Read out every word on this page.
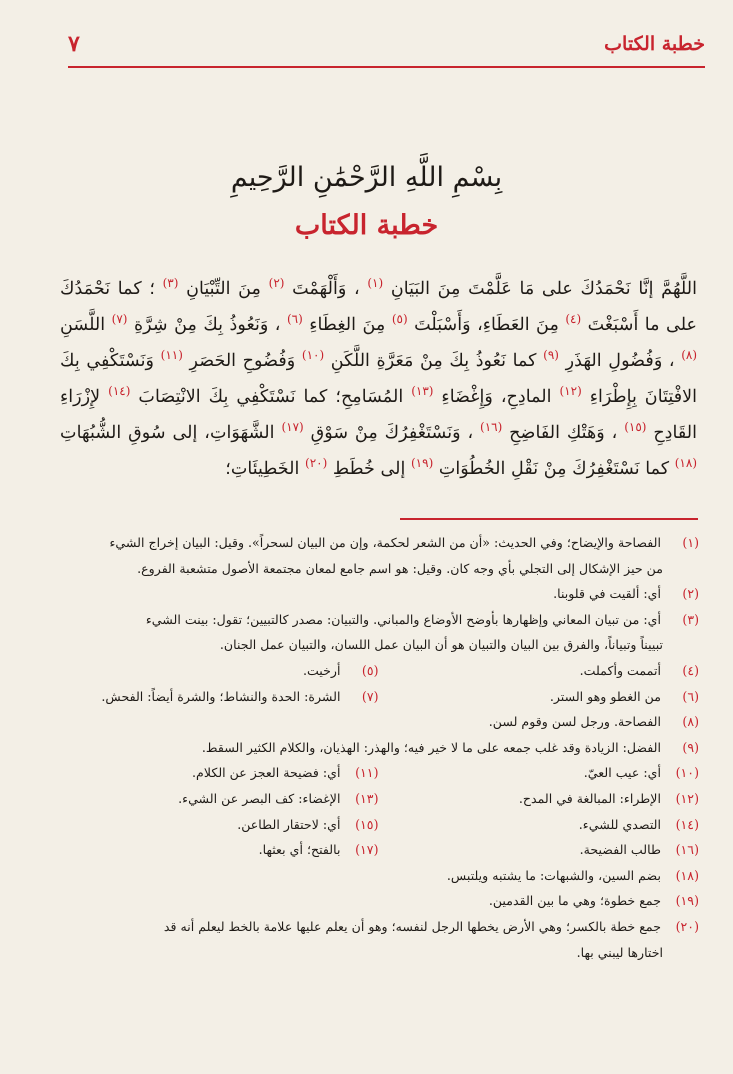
خطبة الكتاب
٧
بِسْمِ اللَّهِ الرَّحْمَٰنِ الرَّحِيمِ
خطبة الكتاب
اللَّهُمَّ إنَّا نَحْمَدُكَ على مَا عَلَّمْتَ مِنَ البَيَانِ $^{(١)}$ ، وَأَلْهَمْتَ $^{(٢)}$ مِنَ التِّبْيَانِ $^{(٣)}$ ؛ كما نَحْمَدُكَ على ما أَسْبَغْتَ $^{(٤)}$ مِنَ العَطَاءِ، وَأَسْبَلْتَ $^{(٥)}$ مِنَ الغِطَاءِ $^{(٦)}$ ، وَنَعُوذُ بِكَ مِنْ شِرَّةِ $^{(٧)}$ اللَّسَنِ $^{(٨)}$ ، وَفُضُولِ الهَذَرِ $^{(٩)}$ كما نَعُوذُ بِكَ مِنْ مَعَرَّةِ اللَّكَنِ $^{(١٠)}$ وَفُضُوحِ الحَصَرِ $^{(١١)}$ وَنَسْتَكْفِي بِكَ الافْتِتَانَ بِإِطْرَاءِ $^{(١٢)}$ المادِحِ، وَإِغْضَاءِ $^{(١٣)}$ المُسَامِحِ؛ كما نَسْتَكْفِي بِكَ الانْتِصَابَ $^{(١٤)}$ لإِزْرَاءِ القَادِحِ $^{(١٥)}$ ، وَهَتْكِ الفَاضِحِ $^{(١٦)}$ ، وَنَسْتَغْفِرُكَ مِنْ سَوْقِ $^{(١٧)}$ الشَّهَوَاتِ، إلى سُوقِ الشُّبُهَاتِ $^{(١٨)}$ كما نَسْتَغْفِرُكَ مِنْ نَقْلِ الخُطُوَاتِ $^{(١٩)}$ إلى خُطَطِ $^{(٢٠)}$ الخَطِيئَاتِ؛
(١) الفصاحة والإيضاح؛ وفي الحديث: «أن من الشعر لحكمة، وإن من البيان لسحراً». وقيل: البيان إخراج الشيء
من حيز الإشكال إلى التجلي بأي وجه كان. وقيل: هو اسم جامع لمعان مجتمعة الأصول متشعبة الفروع.
(٢) أي: ألقيت في قلوبنا.
(٣) أي: من تبيان المعاني وإظهارها بأوضح الأوضاع والمباني. والتبيان: مصدر كالتبيين؛ تقول: بينت الشيء
تبييناً وتبياناً، والفرق بين البيان والتبيان هو أن البيان عمل اللسان، والتبيان عمل الجنان.
(٤) أتممت وأكملت.
(٥) أرخيت.
(٦) من الغطو وهو الستر.
(٧) الشرة: الحدة والنشاط؛ والشرة أيضاً: الفحش.
(٨) الفصاحة. ورجل لسن وقوم لسن.
(٩) الفضل: الزيادة وقد غلب جمعه على ما لا خير فيه؛ والهذر: الهذيان، والكلام الكثير السقط.
(١٠) أي: عيب العيّ.
(١١) أي: فضيحة العجز عن الكلام.
(١٢) الإطراء: المبالغة في المدح.
(١٣) الإغضاء: كف البصر عن الشيء.
(١٤) التصدي للشيء.
(١٥) أي: لاحتقار الطاعن.
(١٦) طالب الفضيحة.
(١٧) بالفتح؛ أي بعثها.
(١٨) بضم السين، والشبهات: ما يشتبه ويلتبس.
(١٩) جمع خطوة؛ وهي ما بين القدمين.
(٢٠) جمع خطة بالكسر؛ وهي الأرض يخطها الرجل لنفسه؛ وهو أن يعلم عليها علامة بالخط ليعلم أنه قد
اختارها ليبني بها.
